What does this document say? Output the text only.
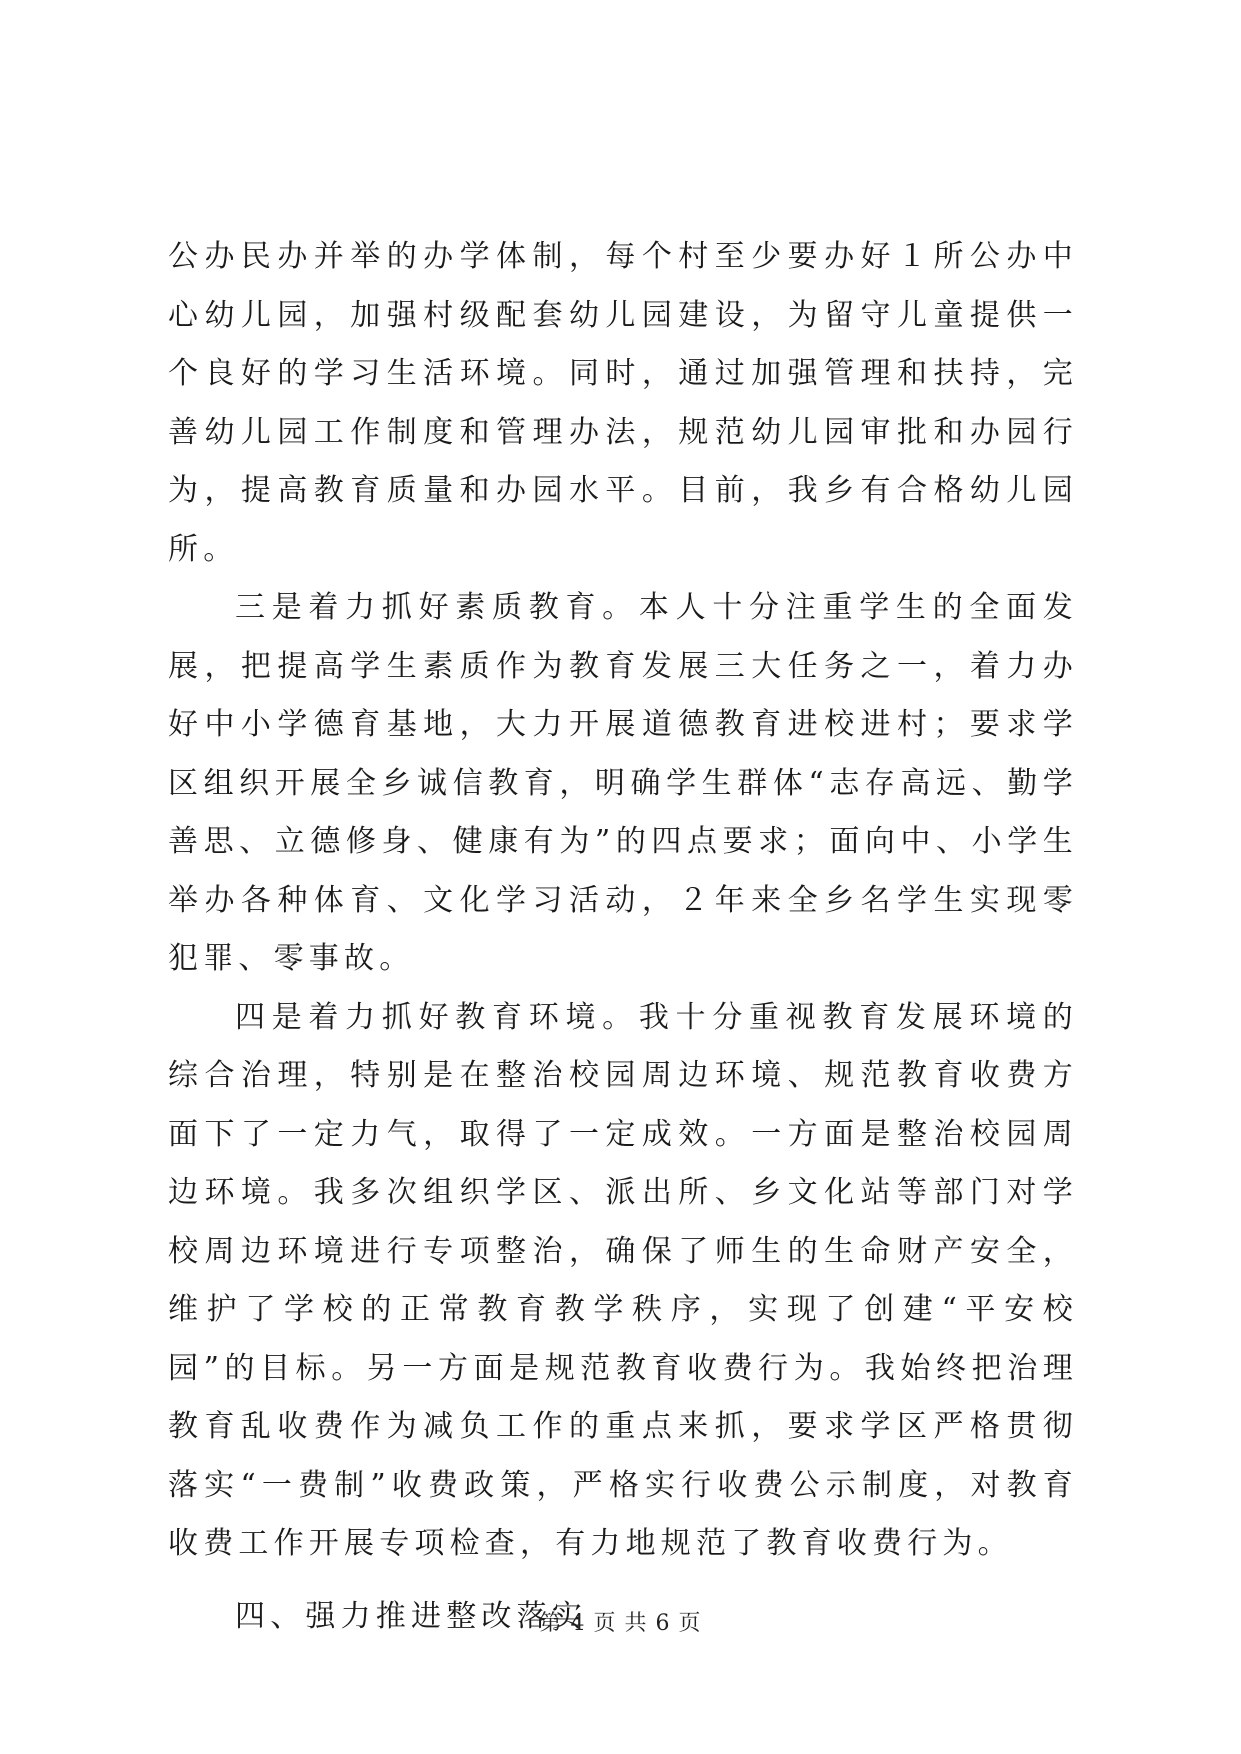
公办民办并举的办学体制，每个村至少要办好１所公办中心幼儿园，加强村级配套幼儿园建设，为留守儿童提供一个良好的学习生活环境。同时，通过加强管理和扶持，完善幼儿园工作制度和管理办法，规范幼儿园审批和办园行为，提高教育质量和办园水平。目前，我乡有合格幼儿园所。

三是着力抓好素质教育。本人十分注重学生的全面发展，把提高学生素质作为教育发展三大任务之一，着力办好中小学德育基地，大力开展道德教育进校进村；要求学区组织开展全乡诚信教育，明确学生群体“志存高远、勤学善思、立德修身、健康有为”的四点要求；面向中、小学生举办各种体育、文化学习活动，２年来全乡名学生实现零犯罪、零事故。

四是着力抓好教育环境。我十分重视教育发展环境的综合治理，特别是在整治校园周边环境、规范教育收费方面下了一定力气，取得了一定成效。一方面是整治校园周边环境。我多次组织学区、派出所、乡文化站等部门对学校周边环境进行专项整治，确保了师生的生命财产安全，维护了学校的正常教育教学秩序，实现了创建“平安校园”的目标。另一方面是规范教育收费行为。我始终把治理教育乱收费作为减负工作的重点来抓，要求学区严格贯彻落实“一费制”收费政策，严格实行收费公示制度，对教育收费工作开展专项检查，有力地规范了教育收费行为。

四、强力推进整改落实

第 4 页 共 6 页
